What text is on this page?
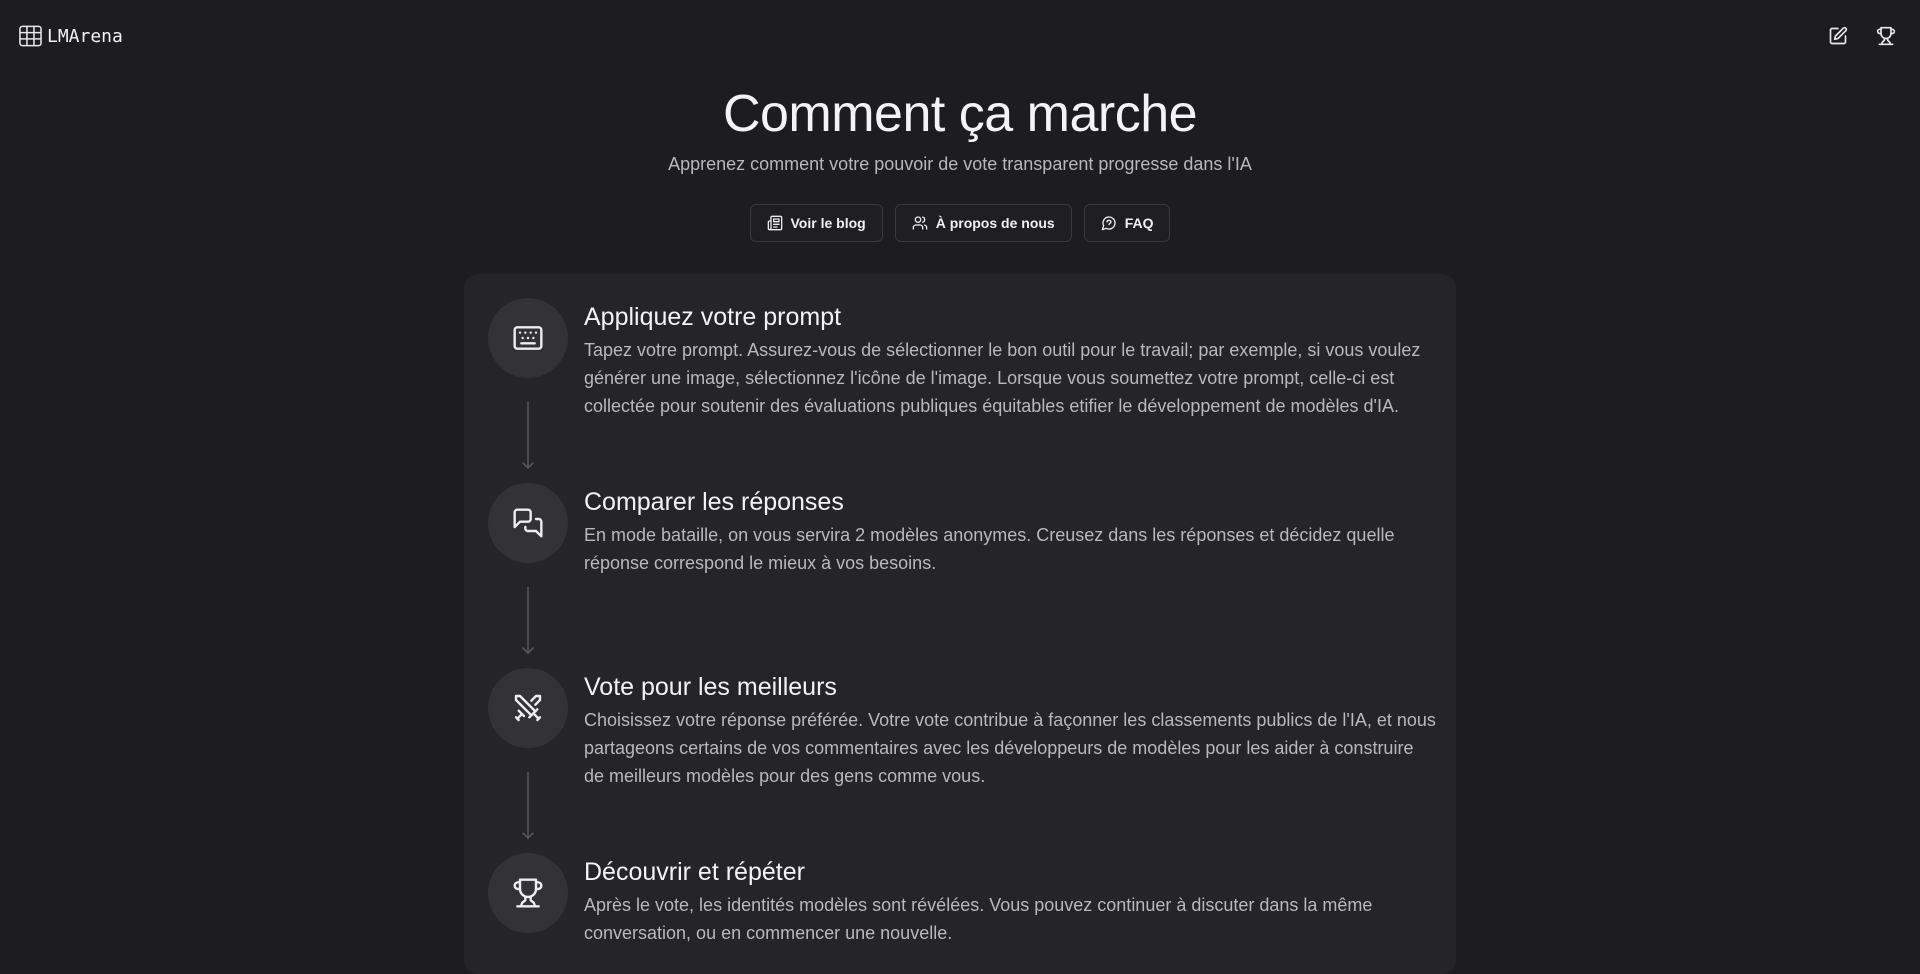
LMArena
Comment ça marche

Apprenez comment votre pouvoir de vote transparent progresse dans l'IA

Voir le blog	À propos de nous	FAQ
Appliquez votre prompt
Tapez votre prompt. Assurez-vous de sélectionner le bon outil pour le travail; par exemple, si vous voulez générer une image, sélectionnez l'icône de l'image. Lorsque vous soumettez votre prompt, celle-ci est collectée pour soutenir des évaluations publiques équitables etifier le développement de modèles d'IA.
Comparer les réponses
En mode bataille, on vous servira 2 modèles anonymes. Creusez dans les réponses et décidez quelle réponse correspond le mieux à vos besoins.
Vote pour les meilleurs
Choisissez votre réponse préférée. Votre vote contribue à façonner les classements publics de l'IA, et nous partageons certains de vos commentaires avec les développeurs de modèles pour les aider à construire de meilleurs modèles pour des gens comme vous.
Découvrir et répéter
Après le vote, les identités modèles sont révélées. Vous pouvez continuer à discuter dans la même conversation, ou en commencer une nouvelle.
